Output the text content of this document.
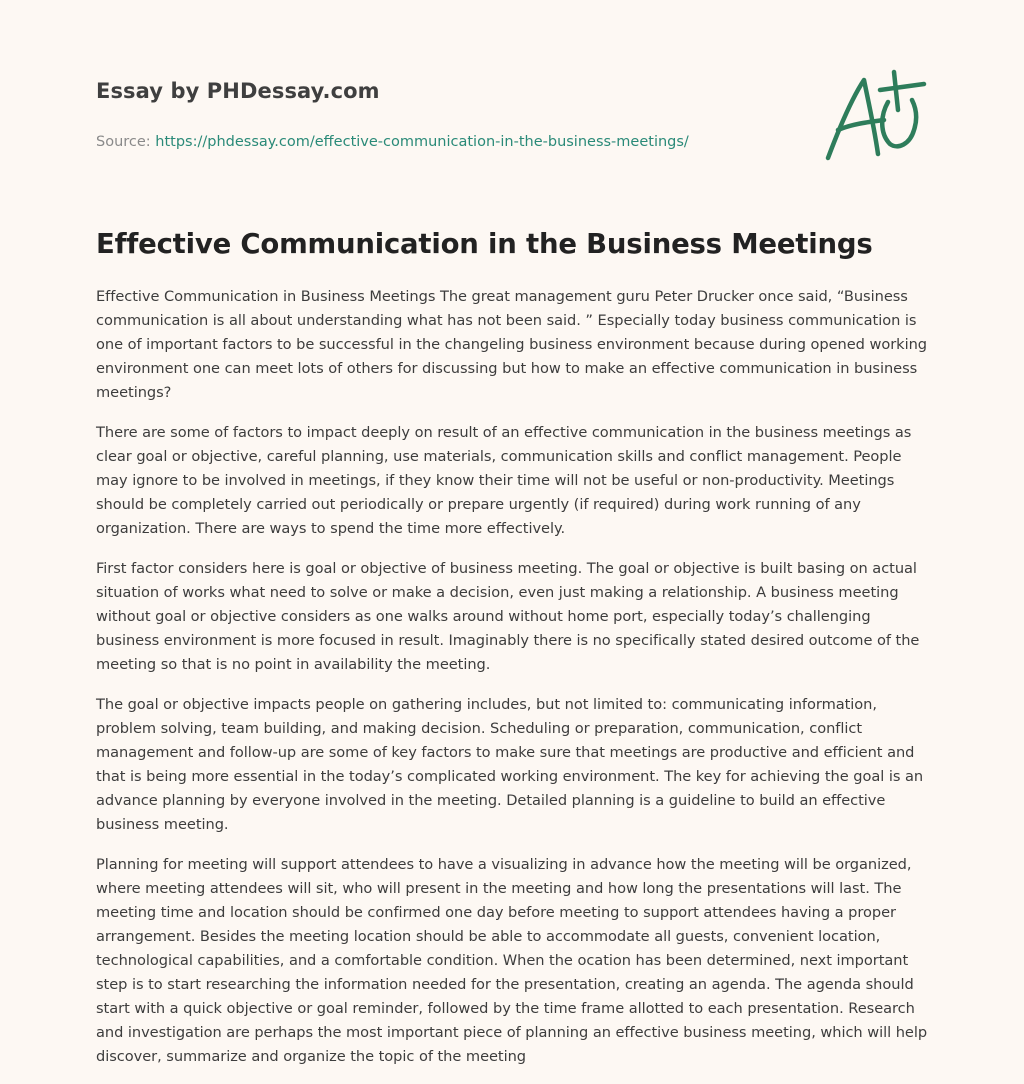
Essay by PHDessay.com
Source: https://phdessay.com/effective-communication-in-the-business-meetings/
Effective Communication in the Business Meetings

Effective Communication in Business Meetings The great management guru Peter Drucker once said, “Business communication is all about understanding what has not been said. ” Especially today business communication is one of important factors to be successful in the changeling business environment because during opened working environment one can meet lots of others for discussing but how to make an effective communication in business meetings?

There are some of factors to impact deeply on result of an effective communication in the business meetings as clear goal or objective, careful planning, use materials, communication skills and conflict management. People may ignore to be involved in meetings, if they know their time will not be useful or non-productivity. Meetings should be completely carried out periodically or prepare urgently (if required) during work running of any organization. There are ways to spend the time more effectively.

First factor considers here is goal or objective of business meeting. The goal or objective is built basing on actual situation of works what need to solve or make a decision, even just making a relationship. A business meeting without goal or objective considers as one walks around without home port, especially today’s challenging business environment is more focused in result. Imaginably there is no specifically stated desired outcome of the meeting so that is no point in availability the meeting.

The goal or objective impacts people on gathering includes, but not limited to: communicating information, problem solving, team building, and making decision. Scheduling or preparation, communication, conflict management and follow-up are some of key factors to make sure that meetings are productive and efficient and that is being more essential in the today’s complicated working environment. The key for achieving the goal is an advance planning by everyone involved in the meeting. Detailed planning is a guideline to build an effective business meeting.

Planning for meeting will support attendees to have a visualizing in advance how the meeting will be organized, where meeting attendees will sit, who will present in the meeting and how long the presentations will last. The meeting time and location should be confirmed one day before meeting to support attendees having a proper arrangement. Besides the meeting location should be able to accommodate all guests, convenient location, technological capabilities, and a comfortable condition. When the ocation has been determined, next important step is to start researching the information needed for the presentation, creating an agenda. The agenda should start with a quick objective or goal reminder, followed by the time frame allotted to each presentation. Research and investigation are perhaps the most important piece of planning an effective business meeting, which will help discover, summarize and organize the topic of the meeting
